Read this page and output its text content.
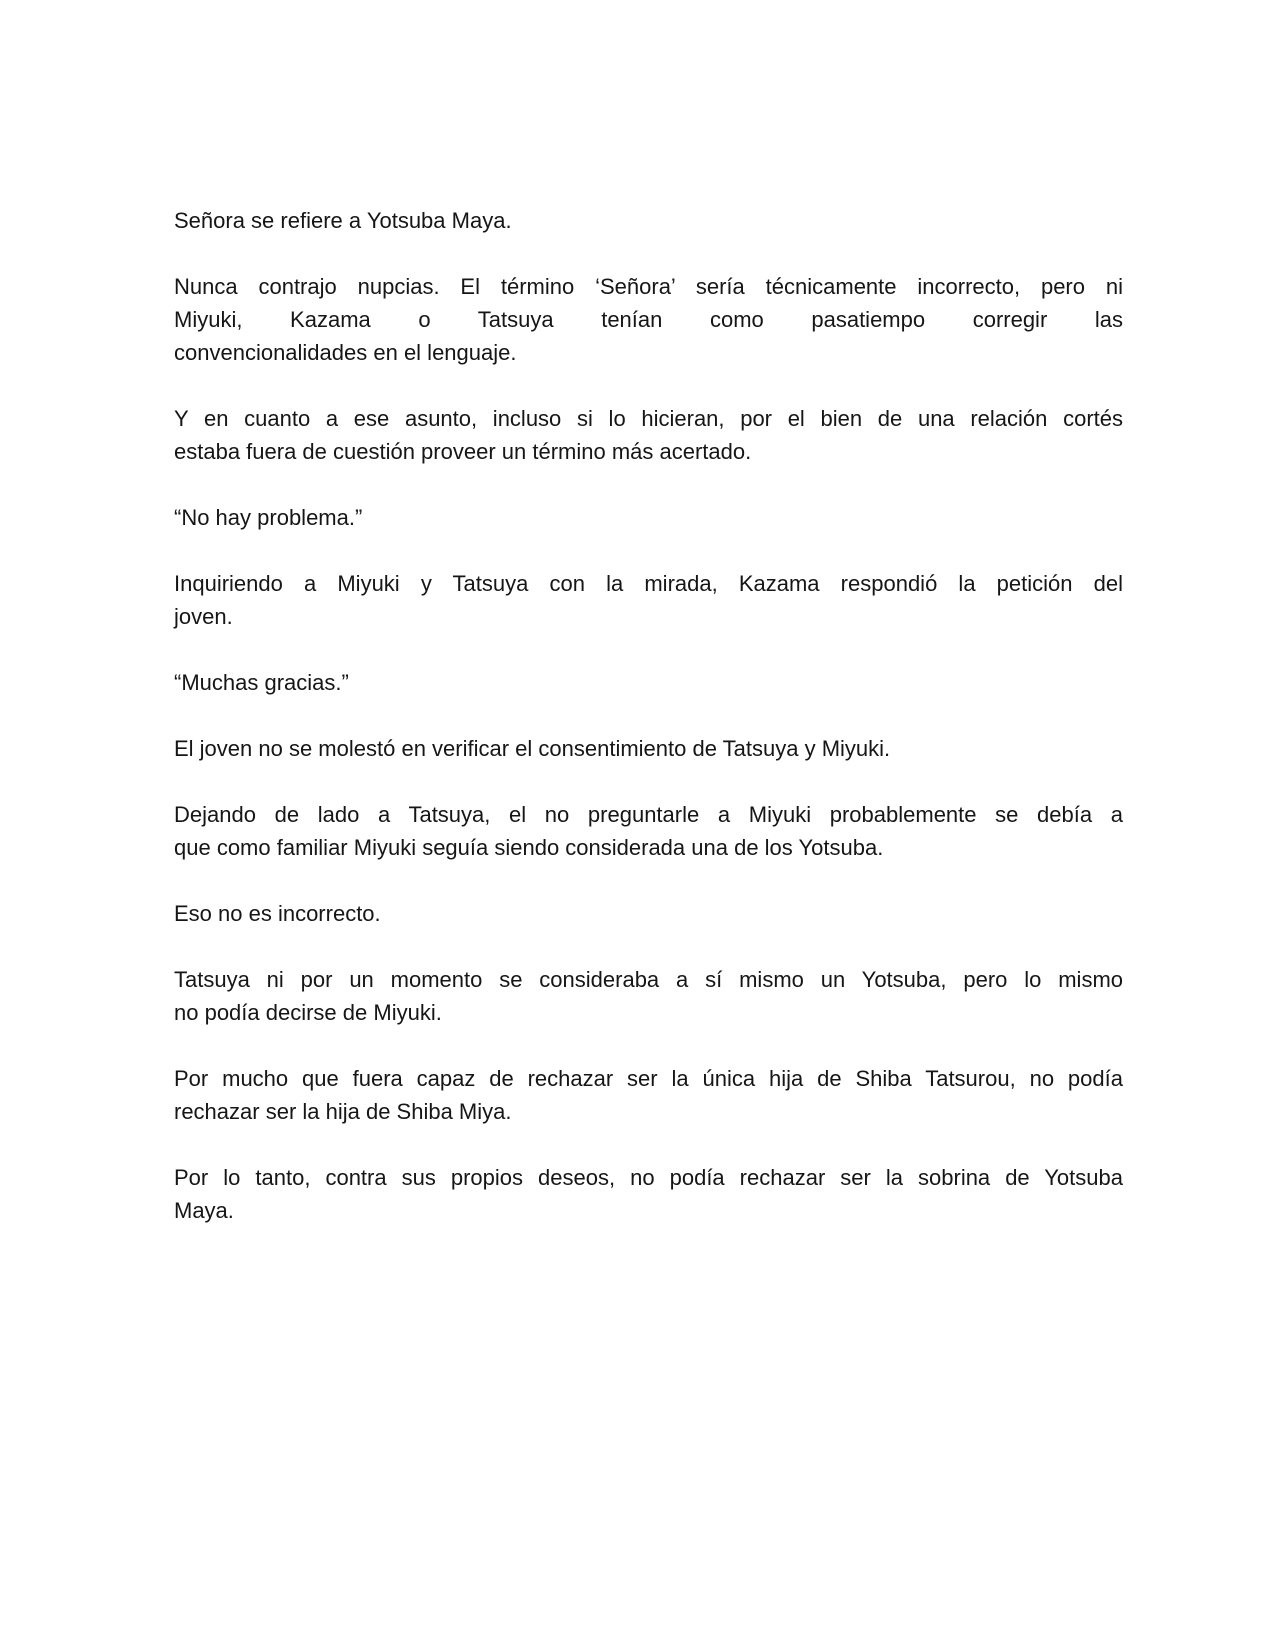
Señora se refiere a Yotsuba Maya.
Nunca contrajo nupcias. El término ‘Señora’ sería técnicamente incorrecto, pero ni
Miyuki, Kazama o Tatsuya tenían como pasatiempo corregir las
convencionalidades en el lenguaje.
Y en cuanto a ese asunto, incluso si lo hicieran, por el bien de una relación cortés
estaba fuera de cuestión proveer un término más acertado.
“No hay problema.”
Inquiriendo a Miyuki y Tatsuya con la mirada, Kazama respondió la petición del
joven.
“Muchas gracias.”
El joven no se molestó en verificar el consentimiento de Tatsuya y Miyuki.
Dejando de lado a Tatsuya, el no preguntarle a Miyuki probablemente se debía a
que como familiar Miyuki seguía siendo considerada una de los Yotsuba.
Eso no es incorrecto.
Tatsuya ni por un momento se consideraba a sí mismo un Yotsuba, pero lo mismo
no podía decirse de Miyuki.
Por mucho que fuera capaz de rechazar ser la única hija de Shiba Tatsurou, no podía
rechazar ser la hija de Shiba Miya.
Por lo tanto, contra sus propios deseos, no podía rechazar ser la sobrina de Yotsuba
Maya.
